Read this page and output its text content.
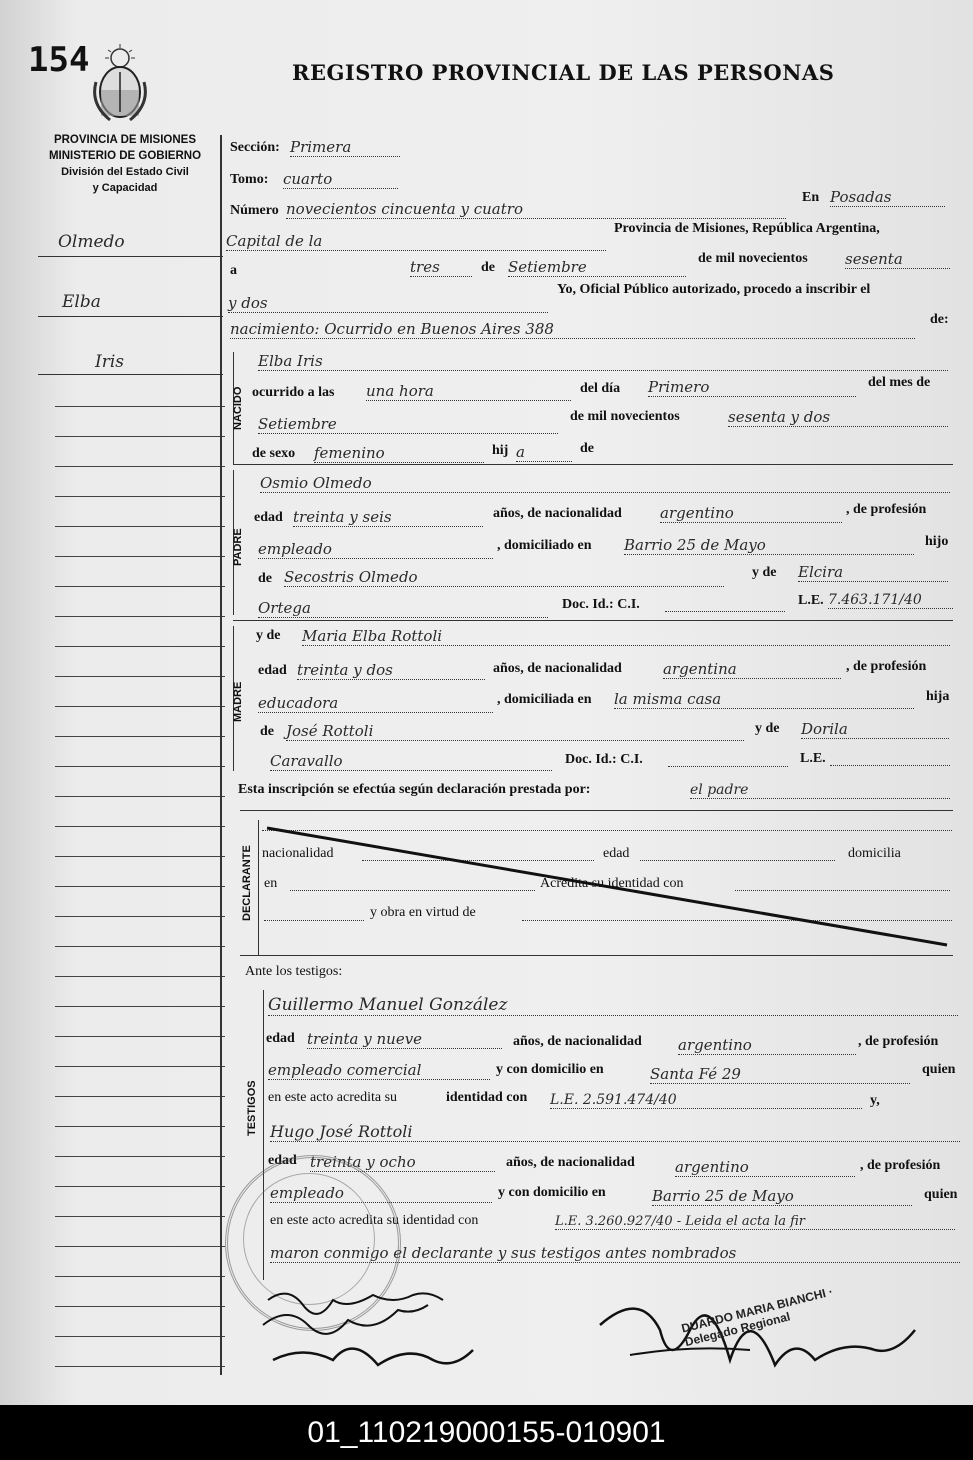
154	REGISTRO PROVINCIAL DE LAS PERSONAS
PROVINCIA DE MISIONES
MINISTERIO DE GOBIERNO
División del Estado Civil
y Capacidad
Olmedo
Elba
Iris
Sección: Primera
Tomo: cuarto
Número novecientos cincuenta y cuatro
En Posadas
Capital de la
Provincia de Misiones, República Argentina,
a	tres	de Setiembre	de mil novecientos sesenta
y dos
Yo, Oficial Público autorizado, procedo a inscribir el
nacimiento: Ocurrido en Buenos Aires 388
de:
NACIDO
Elba Iris
ocurrido a las una hora	del día Primero	del mes de
Setiembre	de mil novecientos	sesenta y dos
de sexo femenino	hij a	de
PADRE
Osmio Olmedo
edad treinta y seis	años, de nacionalidad	argentino	, de profesión
empleado	, domiciliado en Barrio 25 de Mayo	hijo
de Secostris Olmedo	y de Elcira
Ortega	Doc. Id.: C.I.	L.E. 7.463.171/40
MADRE
y de Maria Elba Rottoli
edad treinta y dos	años, de nacionalidad	argentina	, de profesión
educadora	, domiciliada en la misma casa	hija
de José Rottoli	y de Dorila
Caravallo	Doc. Id.: C.I.	L.E.
Esta inscripción se efectúa según declaración prestada por:	el padre
DECLARANTE nacionalidad	edad	domicilia
en	Acredita su identidad con
y obra en virtud de
Ante los testigos:
TESTIGOS
Guillermo Manuel González
edad treinta y nueve	años, de nacionalidad argentino	, de profesión
empleado comercial	y con domicilio en	Santa Fé 29	quien
en este acto acredita su	identidad con L.E. 2.591.474/40	y,
Hugo José Rottoli
edad treinta y ocho	años, de nacionalidad	argentino	, de profesión
empleado	y con domicilio en	Barrio 25 de Mayo	quien
en este acto acredita su identidad con	L.E. 3.260.927/40 - Leida el acta la fir
maron conmigo el declarante y sus testigos antes nombrados
DUARDO MARIA BIANCHI · Delegado Regional
01_110219000155-010901
